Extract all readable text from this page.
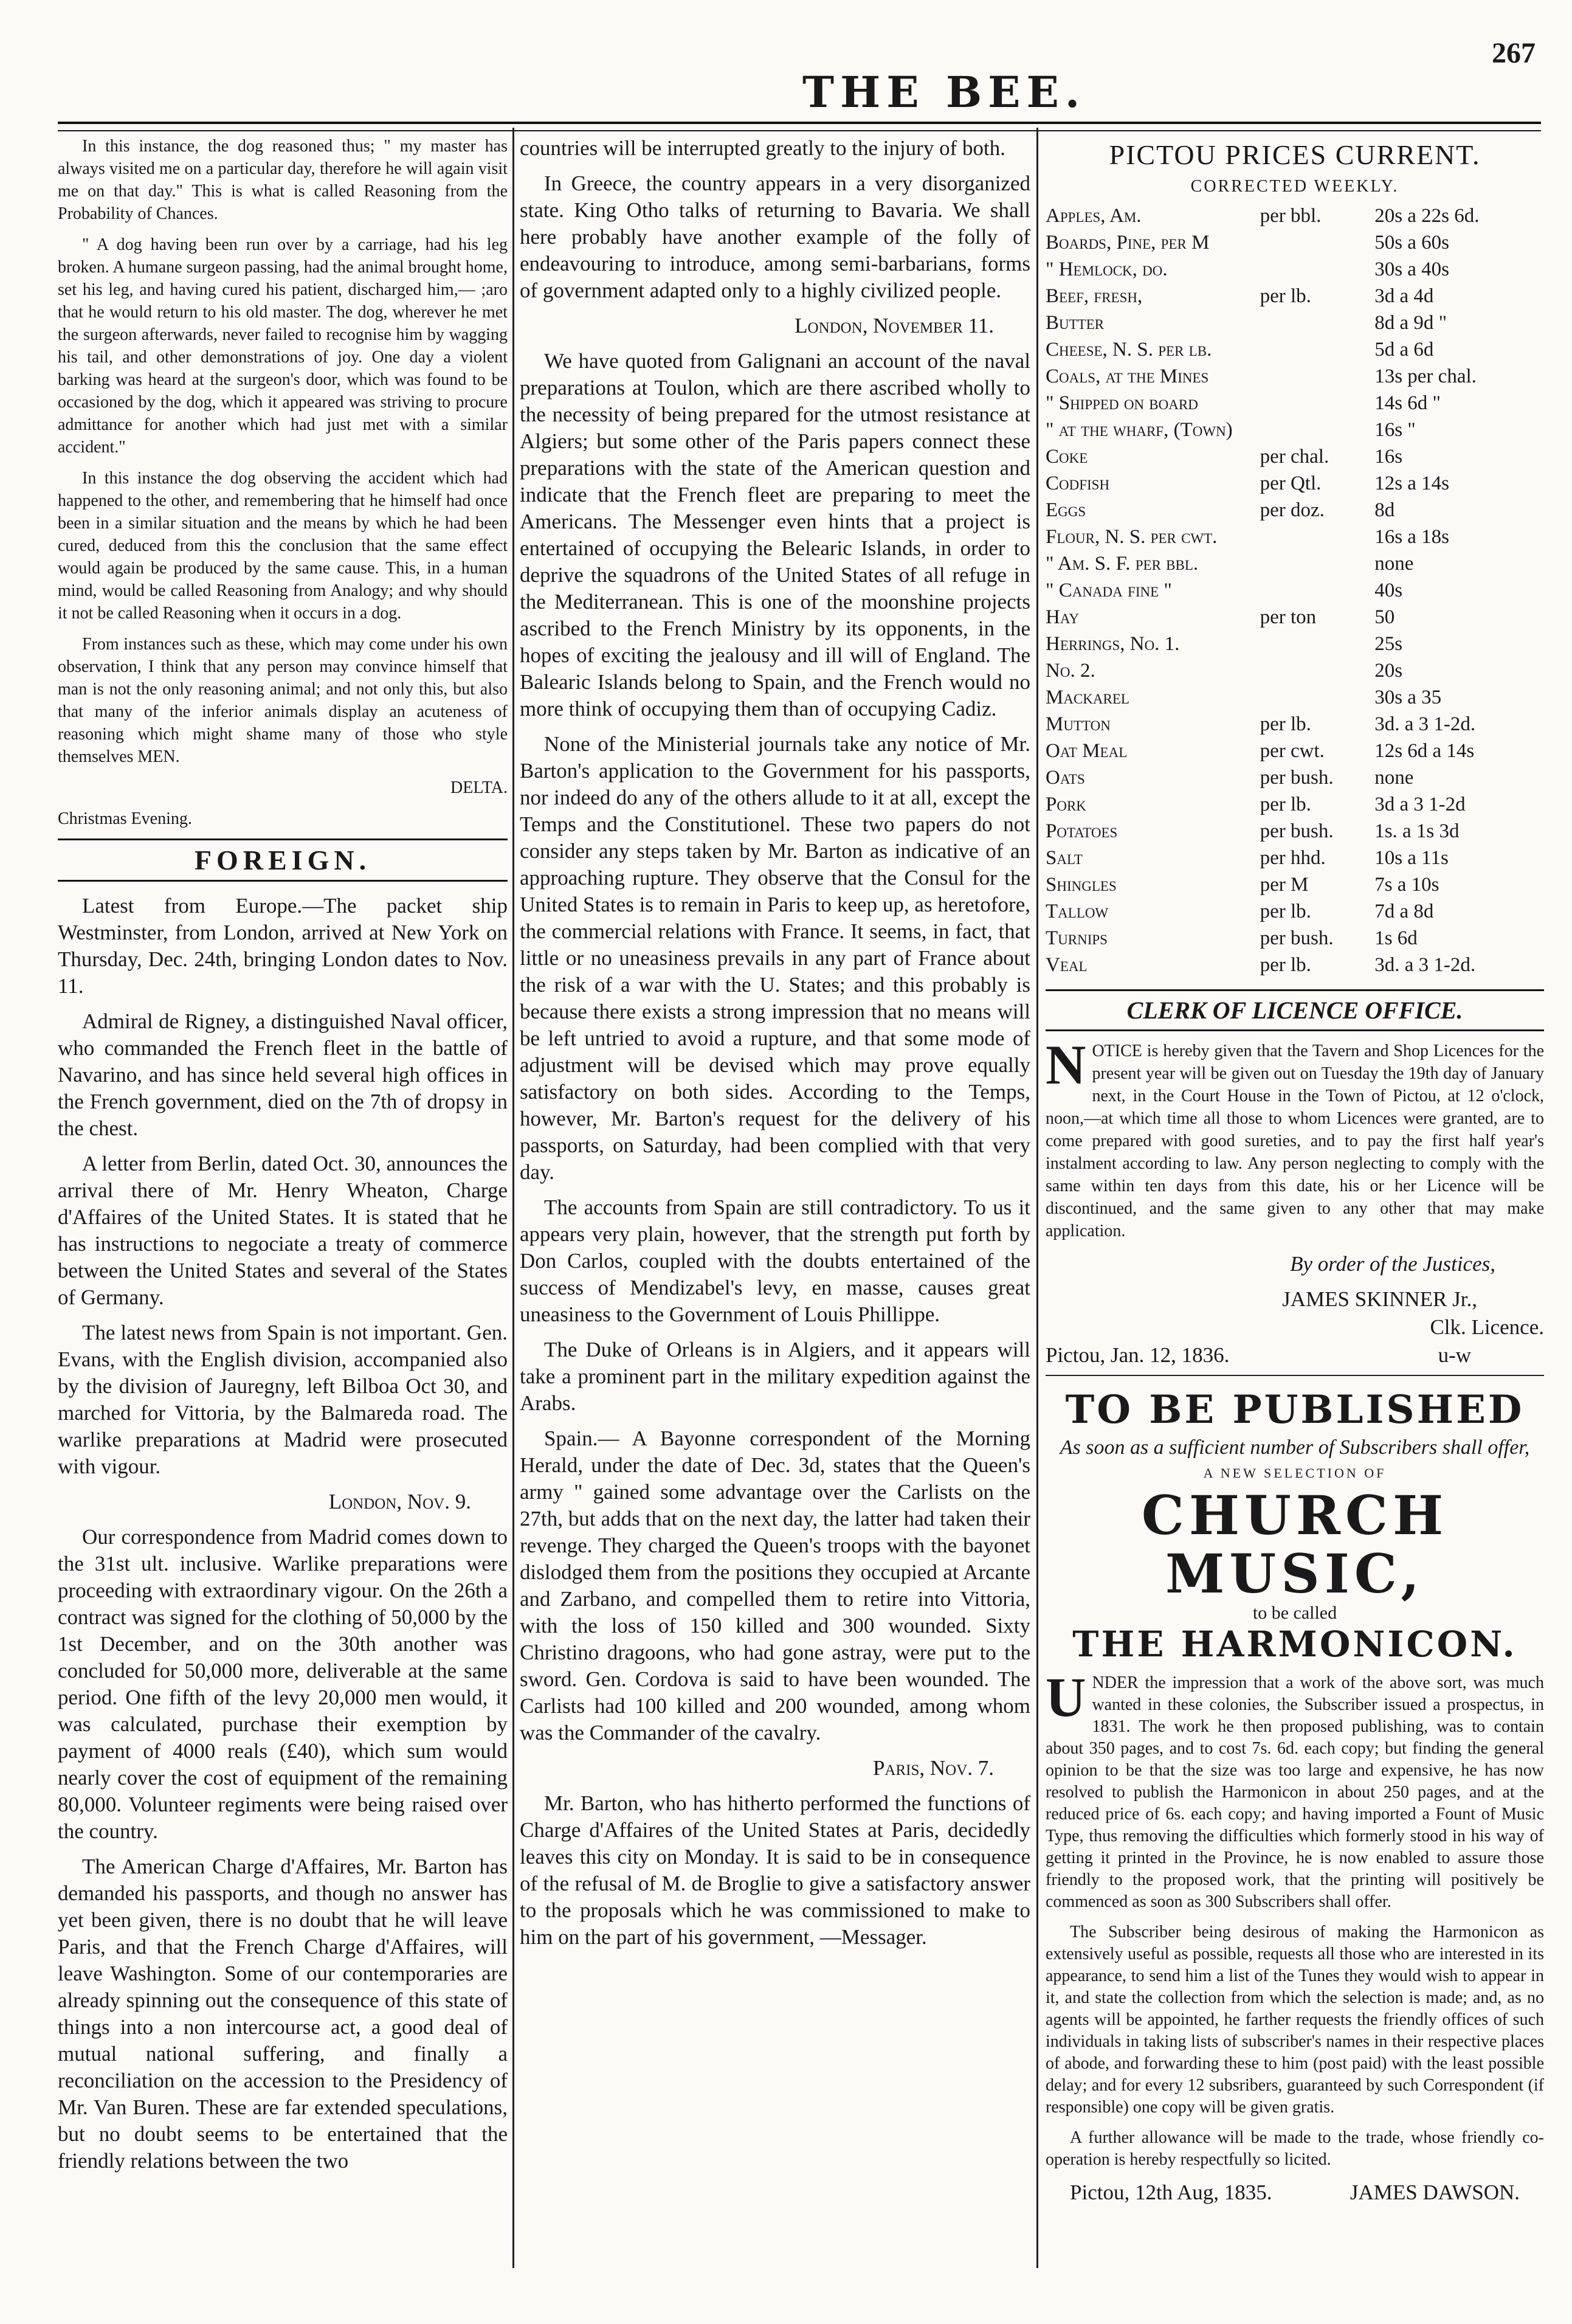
THE BEE.
267

In this instance, the dog reasoned thus; " my master has always visited me on a particular day, therefore he will again visit me on that day." This is what is called Reasoning from the Probability of Chances.

" A dog having been run over by a carriage, had his leg broken. A humane surgeon passing, had the animal brought home, set his leg, and having cured his patient, discharged him,— ;aro that he would return to his old master. The dog, wherever he met the surgeon afterwards, never failed to recognise him by wagging his tail, and other demonstrations of joy. One day a violent barking was heard at the surgeon's door, which was found to be occasioned by the dog, which it appeared was striving to procure admittance for another which had just met with a similar accident."

In this instance the dog observing the accident which had happened to the other, and remembering that he himself had once been in a similar situation and the means by which he had been cured, deduced from this the conclusion that the same effect would again be produced by the same cause. This, in a human mind, would be called Reasoning from Analogy; and why should it not be called Reasoning when it occurs in a dog.

From instances such as these, which may come under his own observation, I think that any person may convince himself that man is not the only reasoning animal; and not only this, but also that many of the inferior animals display an acuteness of reasoning which might shame many of those who style themselves MEN.

DELTA.

Christmas Evening.

FOREIGN.

Latest from Europe.—The packet ship Westminster, from London, arrived at New York on Thursday, Dec. 24th, bringing London dates to Nov. 11.

Admiral de Rigney, a distinguished Naval officer, who commanded the French fleet in the battle of Navarino, and has since held several high offices in the French government, died on the 7th of dropsy in the chest.

A letter from Berlin, dated Oct. 30, announces the arrival there of Mr. Henry Wheaton, Charge d'Affaires of the United States. It is stated that he has instructions to negociate a treaty of commerce between the United States and several of the States of Germany.

The latest news from Spain is not important. Gen. Evans, with the English division, accompanied also by the division of Jauregny, left Bilboa Oct 30, and marched for Vittoria, by the Balmareda road. The warlike preparations at Madrid were prosecuted with vigour.

London, Nov. 9.

Our correspondence from Madrid comes down to the 31st ult. inclusive. Warlike preparations were proceeding with extraordinary vigour. On the 26th a contract was signed for the clothing of 50,000 by the 1st December, and on the 30th another was concluded for 50,000 more, deliverable at the same period. One fifth of the levy 20,000 men would, it was calculated, purchase their exemption by payment of 4000 reals (£40), which sum would nearly cover the cost of equipment of the remaining 80,000. Volunteer regiments were being raised over the country.

The American Charge d'Affaires, Mr. Barton has demanded his passports, and though no answer has yet been given, there is no doubt that he will leave Paris, and that the French Charge d'Affaires, will leave Washington. Some of our contemporaries are already spinning out the consequence of this state of things into a non intercourse act, a good deal of mutual national suffering, and finally a reconciliation on the accession to the Presidency of Mr. Van Buren. These are far extended speculations, but no doubt seems to be entertained that the friendly relations between the two

countries will be interrupted greatly to the injury of both.

In Greece, the country appears in a very disorganized state. King Otho talks of returning to Bavaria. We shall here probably have another example of the folly of endeavouring to introduce, among semi-barbarians, forms of government adapted only to a highly civilized people.

London, November 11.

We have quoted from Galignani an account of the naval preparations at Toulon, which are there ascribed wholly to the necessity of being prepared for the utmost resistance at Algiers; but some other of the Paris papers connect these preparations with the state of the American question and indicate that the French fleet are preparing to meet the Americans. The Messenger even hints that a project is entertained of occupying the Belearic Islands, in order to deprive the squadrons of the United States of all refuge in the Mediterranean. This is one of the moonshine projects ascribed to the French Ministry by its opponents, in the hopes of exciting the jealousy and ill will of England. The Balearic Islands belong to Spain, and the French would no more think of occupying them than of occupying Cadiz.

None of the Ministerial journals take any notice of Mr. Barton's application to the Government for his passports, nor indeed do any of the others allude to it at all, except the Temps and the Constitutionel. These two papers do not consider any steps taken by Mr. Barton as indicative of an approaching rupture. They observe that the Consul for the United States is to remain in Paris to keep up, as heretofore, the commercial relations with France. It seems, in fact, that little or no uneasiness prevails in any part of France about the risk of a war with the U. States; and this probably is because there exists a strong impression that no means will be left untried to avoid a rupture, and that some mode of adjustment will be devised which may prove equally satisfactory on both sides. According to the Temps, however, Mr. Barton's request for the delivery of his passports, on Saturday, had been complied with that very day.

The accounts from Spain are still contradictory. To us it appears very plain, however, that the strength put forth by Don Carlos, coupled with the doubts entertained of the success of Mendizabel's levy, en masse, causes great uneasiness to the Government of Louis Phillippe.

The Duke of Orleans is in Algiers, and it appears will take a prominent part in the military expedition against the Arabs.

Spain.— A Bayonne correspondent of the Morning Herald, under the date of Dec. 3d, states that the Queen's army " gained some advantage over the Carlists on the 27th, but adds that on the next day, the latter had taken their revenge. They charged the Queen's troops with the bayonet dislodged them from the positions they occupied at Arcante and Zarbano, and compelled them to retire into Vittoria, with the loss of 150 killed and 300 wounded. Sixty Christino dragoons, who had gone astray, were put to the sword. Gen. Cordova is said to have been wounded. The Carlists had 100 killed and 200 wounded, among whom was the Commander of the cavalry.

Paris, Nov. 7.

Mr. Barton, who has hitherto performed the functions of Charge d'Affaires of the United States at Paris, decidedly leaves this city on Monday. It is said to be in consequence of the refusal of M. de Broglie to give a satisfactory answer to the proposals which he was commissioned to make to him on the part of his government, —Messager.

PICTOU PRICES CURRENT.
CORRECTED WEEKLY.
Apples, Am.	per bbl.	20s a 22s 6d.
Boards, Pine, per M		50s a 60s
" Hemlock, do.		30s a 40s
Beef, fresh,	per lb.	3d a 4d
Butter		8d a 9d "
Cheese, N. S. per lb.		5d a 6d
Coals, at the Mines		13s per chal.
" Shipped on board		14s 6d "
" at the wharf, (Town)		16s "
Coke	per chal.	16s
Codfish	per Qtl.	12s a 14s
Eggs	per doz.	8d
Flour, N. S. per cwt.		16s a 18s
" Am. S. F. per bbl.		none
" Canada fine "		40s
Hay	per ton	50
Herrings, No. 1.		25s
No. 2.		20s
Mackarel		30s a 35
Mutton	per lb.	3d. a 3 1-2d.
Oat Meal	per cwt.	12s 6d a 14s
Oats	per bush.	none
Pork	per lb.	3d a 3 1-2d
Potatoes	per bush.	1s. a 1s 3d
Salt	per hhd.	10s a 11s
Shingles	per M	7s a 10s
Tallow	per lb.	7d a 8d
Turnips	per bush.	1s 6d
Veal	per lb.	3d. a 3 1-2d.
CLERK OF LICENCE OFFICE.

NOTICE is hereby given that the Tavern and Shop Licences for the present year will be given out on Tuesday the 19th day of January next, in the Court House in the Town of Pictou, at 12 o'clock, noon,—at which time all those to whom Licences were granted, are to come prepared with good sureties, and to pay the first half year's instalment according to law. Any person neglecting to comply with the same within ten days from this date, his or her Licence will be discontinued, and the same given to any other that may make application.

By order of the Justices,

JAMES SKINNER Jr.,

Clk. Licence.

Pictou, Jan. 12, 1836.	u-w
TO BE PUBLISHED
As soon as a sufficient number of Subscribers shall offer,
A NEW SELECTION OF
CHURCH MUSIC,
to be called
THE HARMONICON.

UNDER the impression that a work of the above sort, was much wanted in these colonies, the Subscriber issued a prospectus, in 1831. The work he then proposed publishing, was to contain about 350 pages, and to cost 7s. 6d. each copy; but finding the general opinion to be that the size was too large and expensive, he has now resolved to publish the Harmonicon in about 250 pages, and at the reduced price of 6s. each copy; and having imported a Fount of Music Type, thus removing the difficulties which formerly stood in his way of getting it printed in the Province, he is now enabled to assure those friendly to the proposed work, that the printing will positively be commenced as soon as 300 Subscribers shall offer.

The Subscriber being desirous of making the Harmonicon as extensively useful as possible, requests all those who are interested in its appearance, to send him a list of the Tunes they would wish to appear in it, and state the collection from which the selection is made; and, as no agents will be appointed, he farther requests the friendly offices of such individuals in taking lists of subscriber's names in their respective places of abode, and forwarding these to him (post paid) with the least possible delay; and for every 12 subsribers, guaranteed by such Correspondent (if responsible) one copy will be given gratis.

A further allowance will be made to the trade, whose friendly co-operation is hereby respectfully so licited.

Pictou, 12th Aug, 1835.	JAMES DAWSON.
